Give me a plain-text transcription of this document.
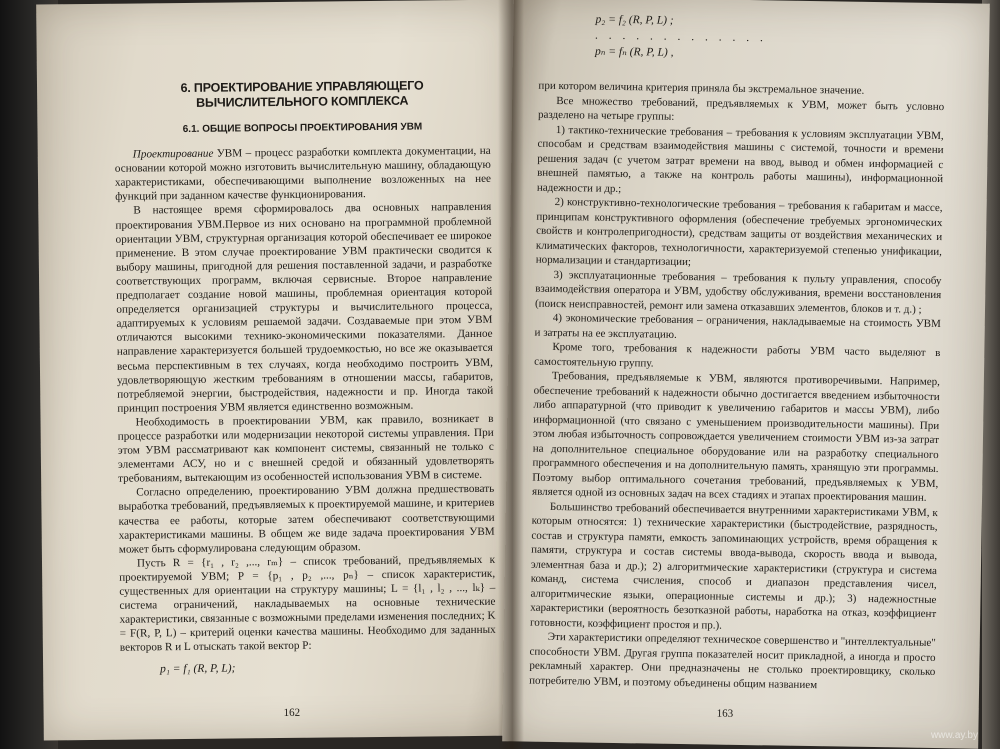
6. ПРОЕКТИРОВАНИЕ УПРАВЛЯЮЩЕГО ВЫЧИСЛИТЕЛЬНОГО КОМПЛЕКСА

6.1. ОБЩИЕ ВОПРОСЫ ПРОЕКТИРОВАНИЯ УВМ

Проектирование УВМ – процесс разработки комплекта документации, на основании которой можно изготовить вычислительную машину, обладающую характеристиками, обеспечивающими выполнение возложенных на нее функций при заданном качестве функционирования.

В настоящее время сформировалось два основных направления проектирования УВМ.Первое из них основано на программной проблемной ориентации УВМ, структурная организация которой обеспечивает ее широкое применение. В этом случае проектирование УВМ практически сводится к выбору машины, пригодной для решения поставленной задачи, и разработке соответствующих программ, включая сервисные. Второе направление предполагает создание новой машины, проблемная ориентация которой определяется организацией структуры и вычислительного процесса, адаптируемых к условиям решаемой задачи. Создаваемые при этом УВМ отличаются высокими технико-экономическими показателями. Данное направление характеризуется большей трудоемкостью, но все же оказывается весьма перспективным в тех случаях, когда необходимо построить УВМ, удовлетворяющую жестким требованиям в отношении массы, габаритов, потребляемой энергии, быстродействия, надежности и пр. Иногда такой принцип построения УВМ является единственно возможным.

Необходимость в проектировании УВМ, как правило, возникает в процессе разработки или модернизации некоторой системы управления. При этом УВМ рассматривают как компонент системы, связанный не только с элементами АСУ, но и с внешней средой и обязанный удовлетворять требованиям, вытекающим из особенностей использования УВМ в системе.

Согласно определению, проектированию УВМ должна предшествовать выработка требований, предъявляемых к проектируемой машине, и критериев качества ее работы, которые затем обеспечивают соответствующими характеристиками машины. В общем же виде задача проектирования УВМ может быть сформулирована следующим образом.

Пусть R = {r₁ , r₂ ,..., rₘ} – список требований, предъявляемых к проектируемой УВМ; P = {p₁ , p₂ ,..., pₙ} – список характеристик, существенных для ориентации на структуру машины; L = {l₁ , l₂ , ..., lₖ} – система ограничений, накладываемых на основные технические характеристики, связанные с возможными пределами изменения последних; K = F(R, P, L) – критерий оценки качества машины. Необходимо для заданных векторов R и L отыскать такой вектор P:

p₁ = f₁ (R, P, L);

162
p₂ = f₂ (R, P, L) ;
. . . . . . . . . . . . .
pₙ = fₙ (R, P, L) ,

при котором величина критерия приняла бы экстремальное значение.

Все множество требований, предъявляемых к УВМ, может быть условно разделено на четыре группы:

1) тактико-технические требования – требования к условиям эксплуатации УВМ, способам и средствам взаимодействия машины с системой, точности и времени решения задач (с учетом затрат времени на ввод, вывод и обмен информацией с внешней памятью, а также на контроль работы машины), информационной надежности и др.;

2) конструктивно-технологические требования – требования к габаритам и массе, принципам конструктивного оформления (обеспечение требуемых эргономических свойств и контролепригодности), средствам защиты от воздействия механических и климатических факторов, технологичности, характеризуемой степенью унификации, нормализации и стандартизации;

3) эксплуатационные требования – требования к пульту управления, способу взаимодействия оператора и УВМ, удобству обслуживания, времени восстановления (поиск неисправностей, ремонт или замена отказавших элементов, блоков и т. д.) ;

4) экономические требования – ограничения, накладываемые на стоимость УВМ и затраты на ее эксплуатацию.

Кроме того, требования к надежности работы УВМ часто выделяют в самостоятельную группу.

Требования, предъявляемые к УВМ, являются противоречивыми. Например, обеспечение требований к надежности обычно достигается введением избыточности либо аппаратурной (что приводит к увеличению габаритов и массы УВМ), либо информационной (что связано с уменьшением производительности машины). При этом любая избыточность сопровождается увеличением стоимости УВМ из-за затрат на дополнительное специальное оборудование или на разработку специального программного обеспечения и на дополнительную память, хранящую эти программы. Поэтому выбор оптимального сочетания требований, предъявляемых к УВМ, является одной из основных задач на всех стадиях и этапах проектирования машин.

Большинство требований обеспечивается внутренними характеристиками УВМ, к которым относятся: 1) технические характеристики (быстродействие, разрядность, состав и структура памяти, емкость запоминающих устройств, время обращения к памяти, структура и состав системы ввода-вывода, скорость ввода и вывода, элементная база и др.); 2) алгоритмические характеристики (структура и система команд, система счисления, способ и диапазон представления чисел, алгоритмические языки, операционные системы и др.); 3) надежностные характеристики (вероятность безотказной работы, наработка на отказ, коэффициент готовности, коэффициент простоя и пр.).

Эти характеристики определяют техническое совершенство и "интеллектуальные" способности УВМ. Другая группа показателей носит прикладной, а иногда и просто рекламный характер. Они предназначены не столько проектировщику, сколько потребителю УВМ, и поэтому объединены общим названием

163
www.ay.by
